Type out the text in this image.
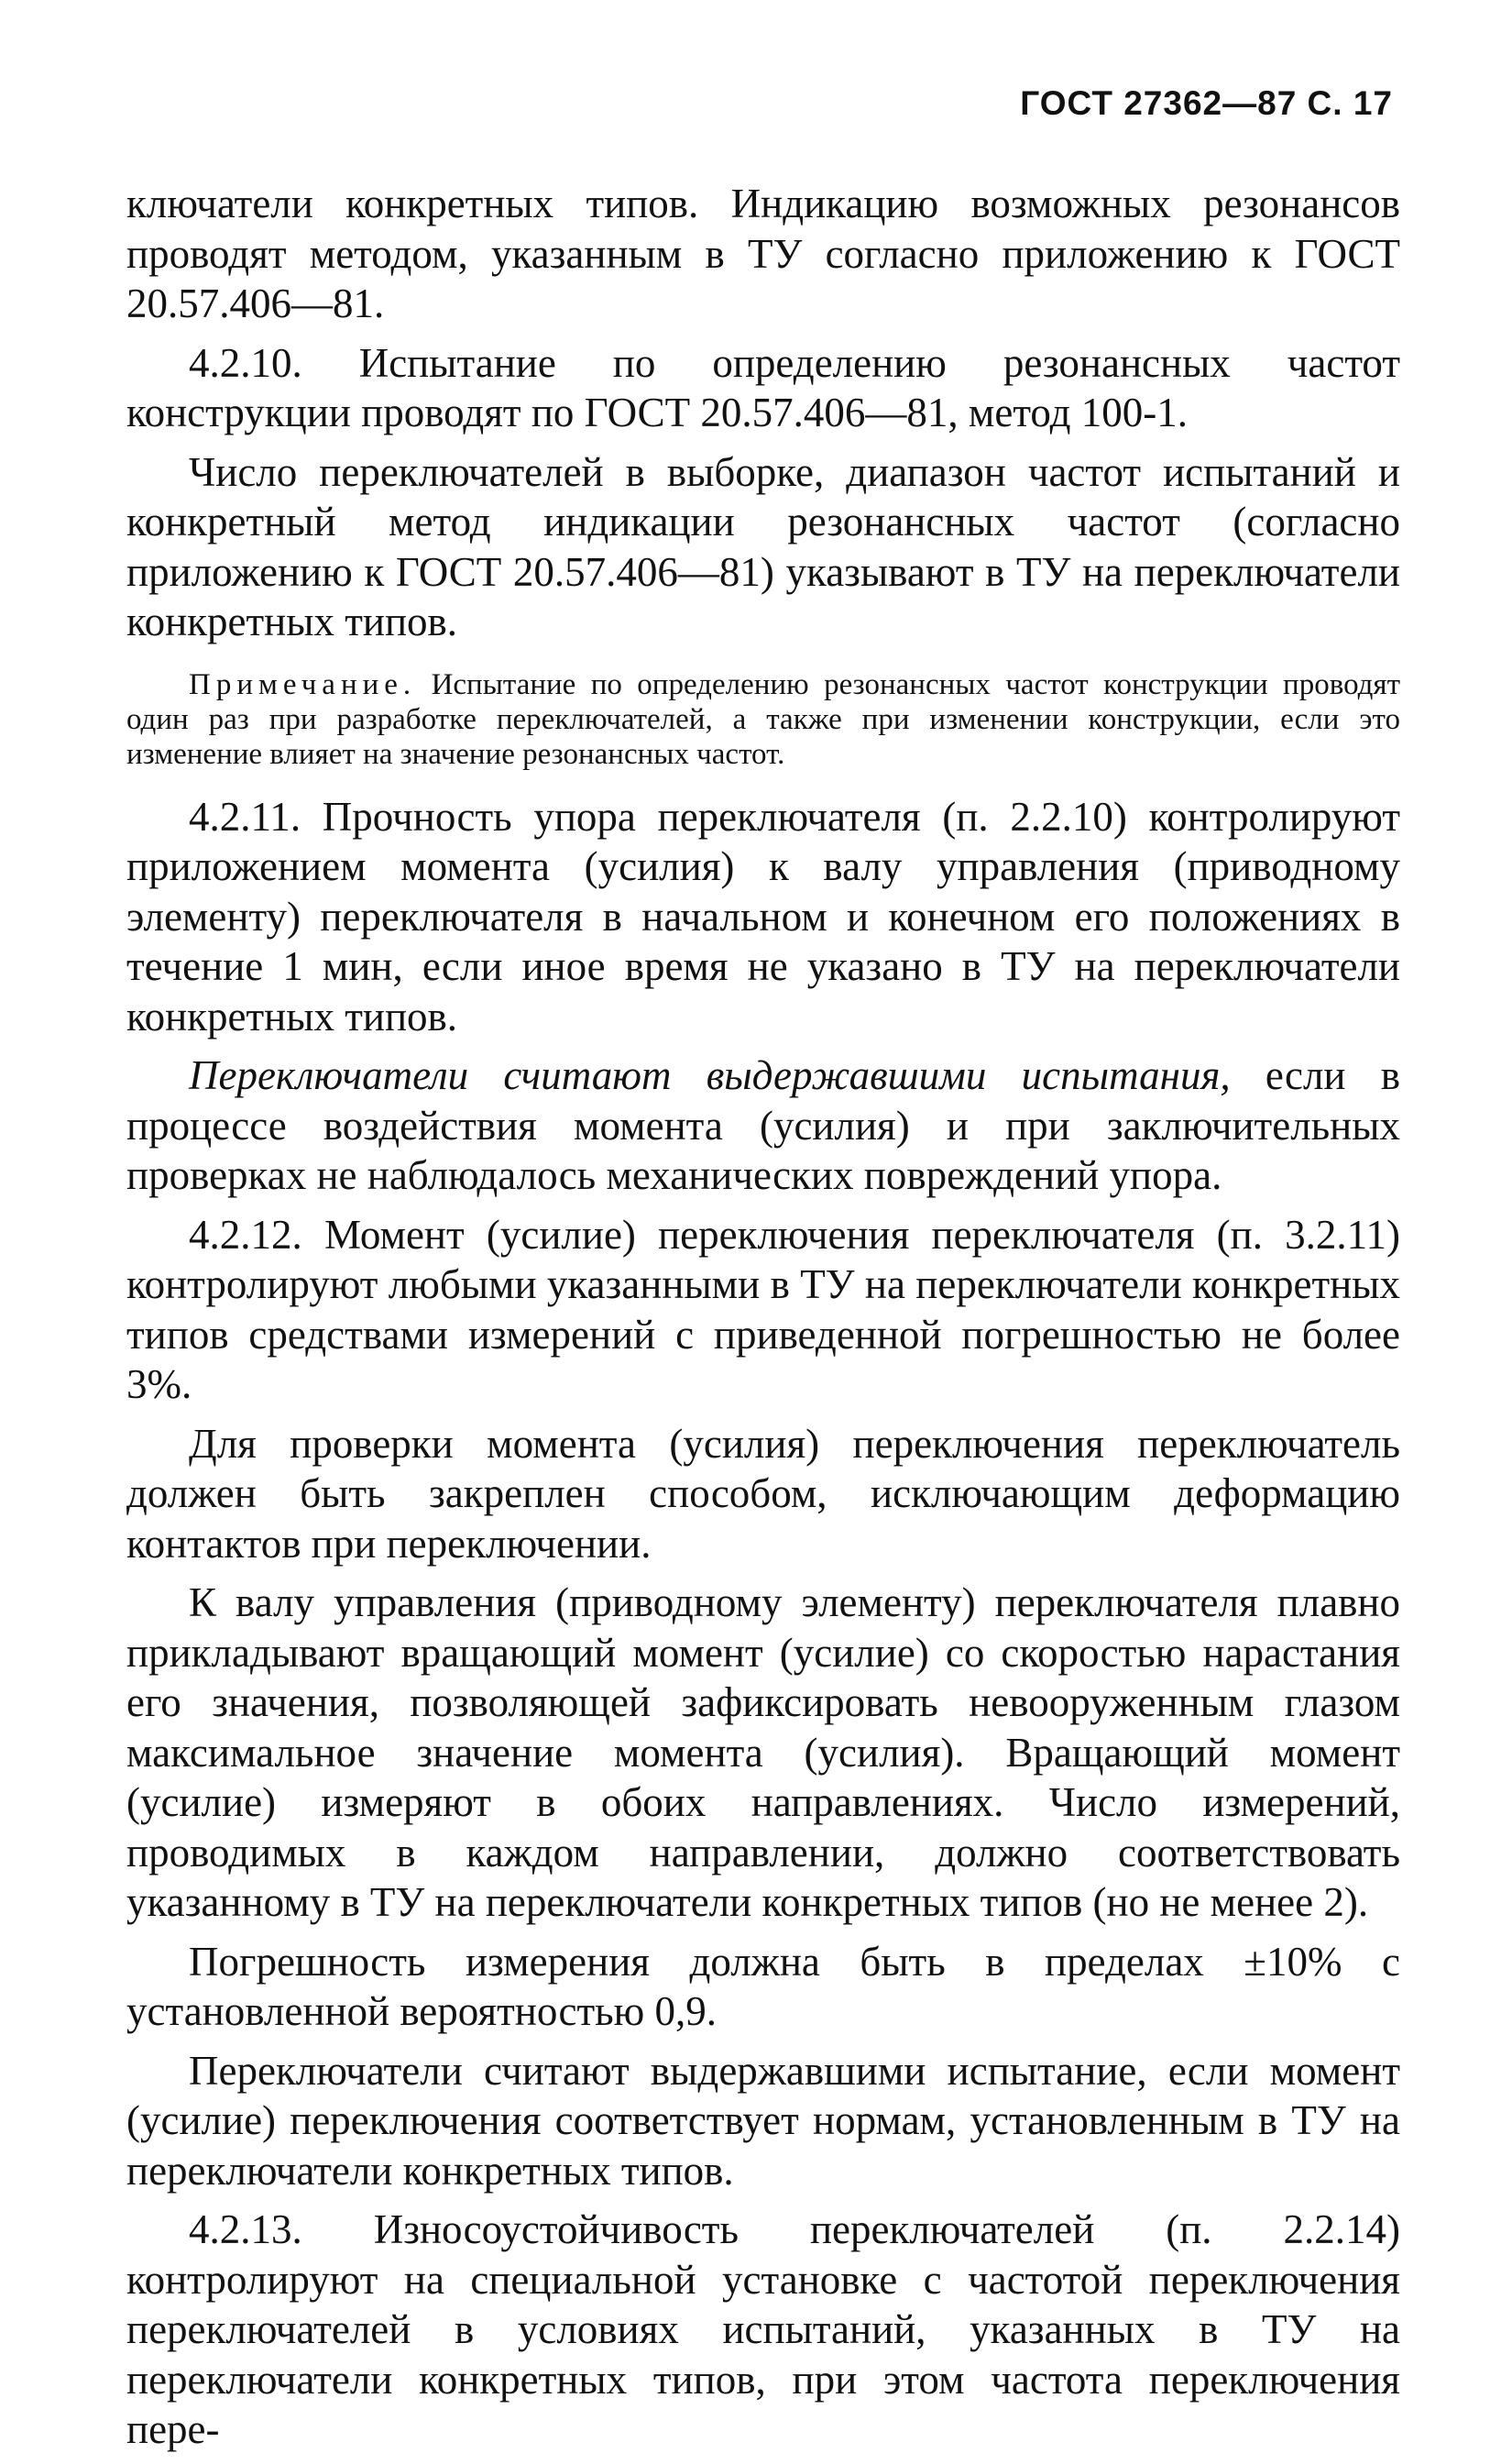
ГОСТ 27362—87 С. 17

ключатели конкретных типов. Индикацию возможных резонансов проводят методом, указанным в ТУ согласно приложению к ГОСТ 20.57.406—81.

4.2.10. Испытание по определению резонансных частот конструкции проводят по ГОСТ 20.57.406—81, метод 100-1.

Число переключателей в выборке, диапазон частот испытаний и конкретный метод индикации резонансных частот (согласно приложению к ГОСТ 20.57.406—81) указывают в ТУ на переключатели конкретных типов.

Примечание. Испытание по определению резонансных частот конструкции проводят один раз при разработке переключателей, а также при изменении конструкции, если это изменение влияет на значение резонансных частот.

4.2.11. Прочность упора переключателя (п. 2.2.10) контролируют приложением момента (усилия) к валу управления (приводному элементу) переключателя в начальном и конечном его положениях в течение 1 мин, если иное время не указано в ТУ на переключатели конкретных типов.

Переключатели считают выдержавшими испытания, если в процессе воздействия момента (усилия) и при заключительных проверках не наблюдалось механических повреждений упора.

4.2.12. Момент (усилие) переключения переключателя (п. 3.2.11) контролируют любыми указанными в ТУ на переключатели конкретных типов средствами измерений с приведенной погрешностью не более 3%.

Для проверки момента (усилия) переключения переключатель должен быть закреплен способом, исключающим деформацию контактов при переключении.

К валу управления (приводному элементу) переключателя плавно прикладывают вращающий момент (усилие) со скоростью нарастания его значения, позволяющей зафиксировать невооруженным глазом максимальное значение момента (усилия). Вращающий момент (усилие) измеряют в обоих направлениях. Число измерений, проводимых в каждом направлении, должно соответствовать указанному в ТУ на переключатели конкретных типов (но не менее 2).

Погрешность измерения должна быть в пределах ±10% с установленной вероятностью 0,9.

Переключатели считают выдержавшими испытание, если момент (усилие) переключения соответствует нормам, установленным в ТУ на переключатели конкретных типов.

4.2.13. Износоустойчивость переключателей (п. 2.2.14) контролируют на специальной установке с частотой переключения переключателей в условиях испытаний, указанных в ТУ на переключатели конкретных типов, при этом частота переключения пере-
